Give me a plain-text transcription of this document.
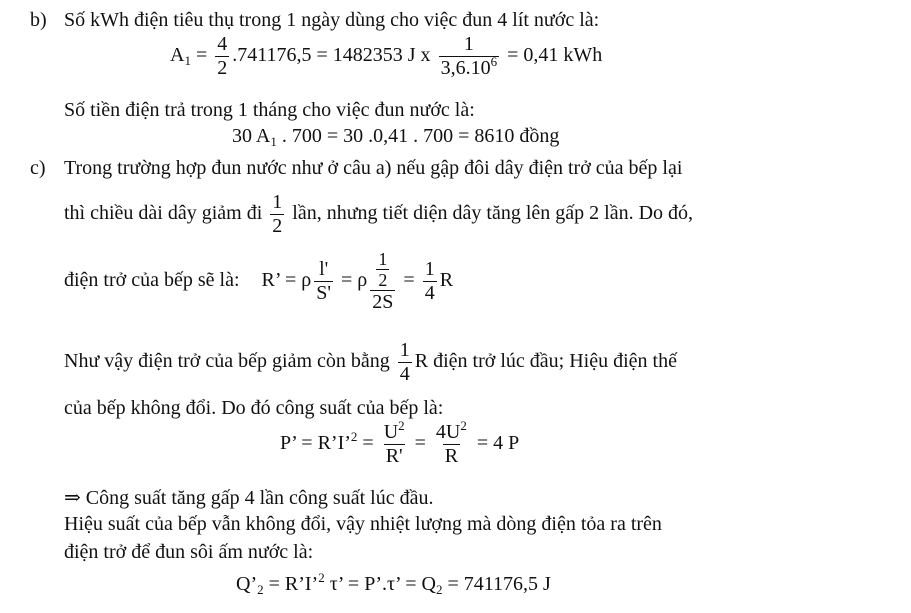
b) Số kWh điện tiêu thụ trong 1 ngày dùng cho việc đun 4 lít nước là:
$A_1 = \frac{4}{2} .741176,5 = 1482353$ J x $\frac{1}{3,6.10^6} = 0,41$ kWh
Số tiền điện trả trong 1 tháng cho việc đun nước là:
30 $A_1$ . 700 = 30 .0,41 . 700 = 8610 đồng
c) Trong trường hợp đun nước như ở câu a) nếu gập đôi dây điện trở của bếp lại
thì chiều dài dây giảm đi $\frac{1}{2}$ lần, nhưng tiết diện dây tăng lên gấp 2 lần. Do đó,
điện trở của bếp sẽ là: R’ = ρ $\frac{l'}{S'} = \rho \frac{\frac{1}{2}}{2S} = \frac{1}{4}$ R
Như vậy điện trở của bếp giảm còn bằng $\frac{1}{4}$ R điện trở lúc đầu; Hiệu điện thế
của bếp không đổi. Do đó công suất của bếp là:
P’ = R’I’$^2$ = $\frac{U^2}{R'} = \frac{4U^2}{R} = 4$ P
⇒ Công suất tăng gấp 4 lần công suất lúc đầu.
Hiệu suất của bếp vẫn không đổi, vậy nhiệt lượng mà dòng điện tỏa ra trên
điện trở để đun sôi ấm nước là:
$Q’_2$ = R’I’$^2$ τ’ = P’.τ’ = $Q_2 = 741176,5$ J
